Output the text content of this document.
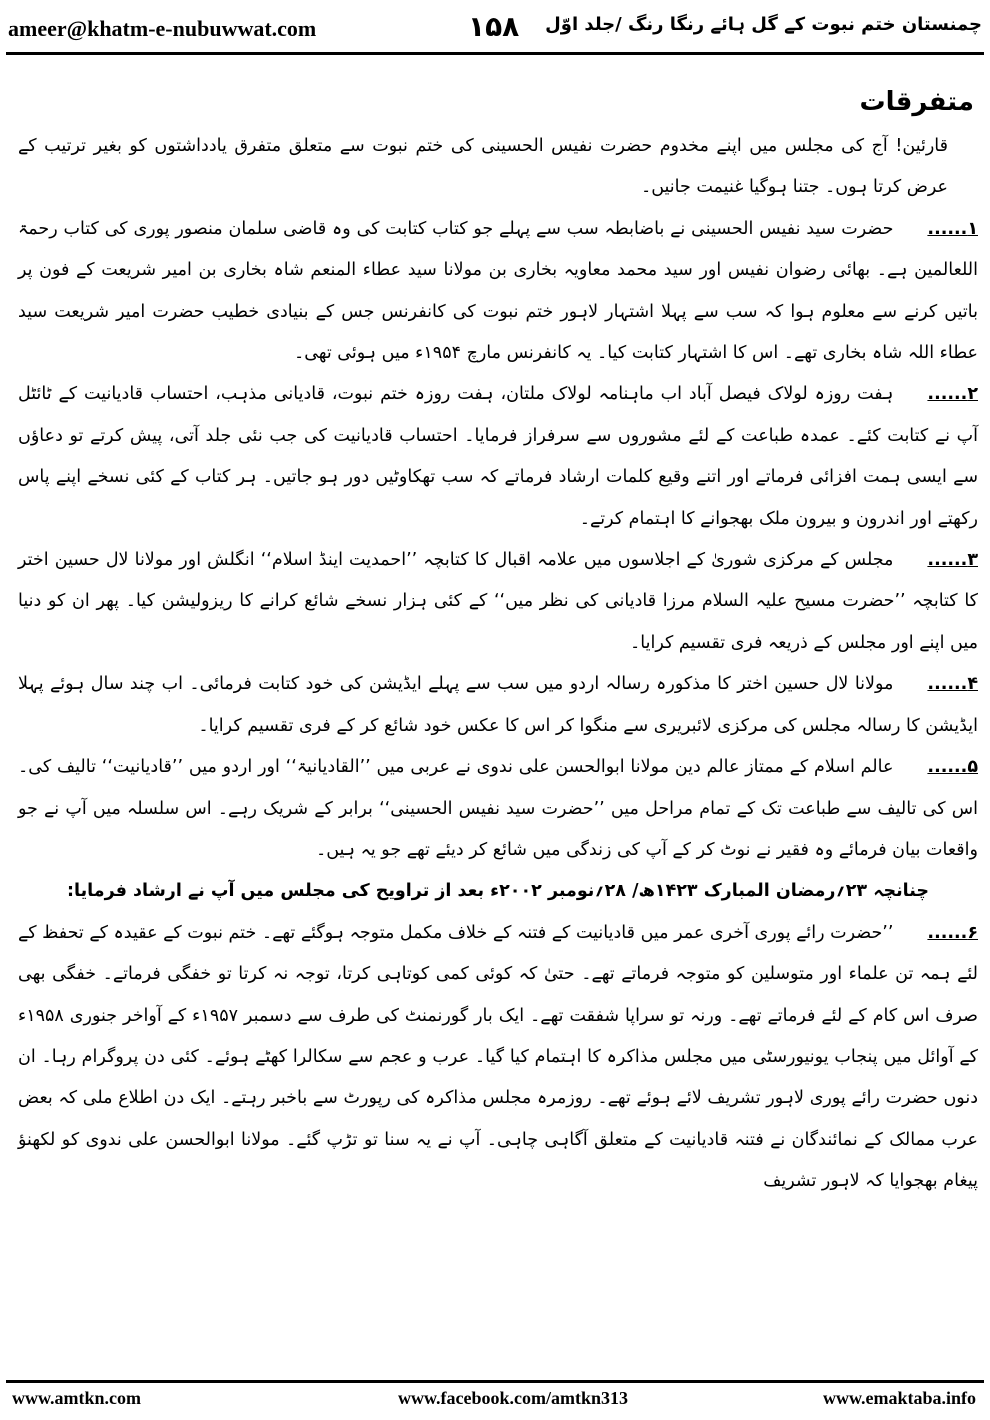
ameer@khatm-e-nubuwwat.com	۱۵۸ چمنستان ختم نبوت کے گل ہائے رنگا رنگ /جلد اوّل
متفرقات

قارئین! آج کی مجلس میں اپنے مخدوم حضرت نفیس الحسینی کی ختم نبوت سے متعلق متفرق یادداشتوں کو بغیر ترتیب کے عرض کرتا ہوں۔ جتنا ہوگیا غنیمت جانیں۔

۱......حضرت سید نفیس الحسینی نے باضابطہ سب سے پہلے جو کتاب کتابت کی وہ قاضی سلمان منصور پوری کی کتاب رحمۃ اللعالمین ہے۔ بھائی رضوان نفیس اور سید محمد معاویہ بخاری بن مولانا سید عطاء المنعم شاہ بخاری بن امیر شریعت کے فون پر باتیں کرنے سے معلوم ہوا کہ سب سے پہلا اشتہار لاہور ختم نبوت کی کانفرنس جس کے بنیادی خطیب حضرت امیر شریعت سید عطاء اللہ شاہ بخاری تھے۔ اس کا اشتہار کتابت کیا۔ یہ کانفرنس مارچ ۱۹۵۴ء میں ہوئی تھی۔

۲......ہفت روزہ لولاک فیصل آباد اب ماہنامہ لولاک ملتان، ہفت روزہ ختم نبوت، قادیانی مذہب، احتساب قادیانیت کے ٹائٹل آپ نے کتابت کئے۔ عمدہ طباعت کے لئے مشوروں سے سرفراز فرمایا۔ احتساب قادیانیت کی جب نئی جلد آتی، پیش کرتے تو دعاؤں سے ایسی ہمت افزائی فرماتے اور اتنے وقیع کلمات ارشاد فرماتے کہ سب تھکاوٹیں دور ہو جاتیں۔ ہر کتاب کے کئی نسخے اپنے پاس رکھتے اور اندرون و بیرون ملک بھجوانے کا اہتمام کرتے۔

۳......مجلس کے مرکزی شوریٰ کے اجلاسوں میں علامہ اقبال کا کتابچہ ’’احمدیت اینڈ اسلام‘‘ انگلش اور مولانا لال حسین اختر کا کتابچہ ’’حضرت مسیح علیہ السلام مرزا قادیانی کی نظر میں‘‘ کے کئی ہزار نسخے شائع کرانے کا ریزولیشن کیا۔ پھر ان کو دنیا میں اپنے اور مجلس کے ذریعہ فری تقسیم کرایا۔

۴......مولانا لال حسین اختر کا مذکورہ رسالہ اردو میں سب سے پہلے ایڈیشن کی خود کتابت فرمائی۔ اب چند سال ہوئے پہلا ایڈیشن کا رسالہ مجلس کی مرکزی لائبریری سے منگوا کر اس کا عکس خود شائع کر کے فری تقسیم کرایا۔

۵......عالم اسلام کے ممتاز عالم دین مولانا ابوالحسن علی ندوی نے عربی میں ’’القادیانیۃ‘‘ اور اردو میں ’’قادیانیت‘‘ تالیف کی۔ اس کی تالیف سے طباعت تک کے تمام مراحل میں ’’حضرت سید نفیس الحسینی‘‘ برابر کے شریک رہے۔ اس سلسلہ میں آپ نے جو واقعات بیان فرمائے وہ فقیر نے نوٹ کر کے آپ کی زندگی میں شائع کر دیئے تھے جو یہ ہیں۔

چنانچہ ۲۳؍رمضان المبارک ۱۴۲۳ھ/ ۲۸؍نومبر ۲۰۰۲ء بعد از تراویح کی مجلس میں آپ نے ارشاد فرمایا:

۶......’’حضرت رائے پوری آخری عمر میں قادیانیت کے فتنہ کے خلاف مکمل متوجہ ہوگئے تھے۔ ختم نبوت کے عقیدہ کے تحفظ کے لئے ہمہ تن علماء اور متوسلین کو متوجہ فرماتے تھے۔ حتیٰ کہ کوئی کمی کوتاہی کرتا، توجہ نہ کرتا تو خفگی فرماتے۔ خفگی بھی صرف اس کام کے لئے فرماتے تھے۔ ورنہ تو سراپا شفقت تھے۔ ایک بار گورنمنٹ کی طرف سے دسمبر ۱۹۵۷ء کے آواخر جنوری ۱۹۵۸ء کے آوائل میں پنجاب یونیورسٹی میں مجلس مذاکرہ کا اہتمام کیا گیا۔ عرب و عجم سے سکالرا کھٹے ہوئے۔ کئی دن پروگرام رہا۔ ان دنوں حضرت رائے پوری لاہور تشریف لائے ہوئے تھے۔ روزمرہ مجلس مذاکرہ کی رپورٹ سے باخبر رہتے۔ ایک دن اطلاع ملی کہ بعض عرب ممالک کے نمائندگان نے فتنہ قادیانیت کے متعلق آگاہی چاہی۔ آپ نے یہ سنا تو تڑپ گئے۔ مولانا ابوالحسن علی ندوی کو لکھنؤ پیغام بھجوایا کہ لاہور تشریف

www.amtkn.com	www.facebook.com/amtkn313	www.emaktaba.info
